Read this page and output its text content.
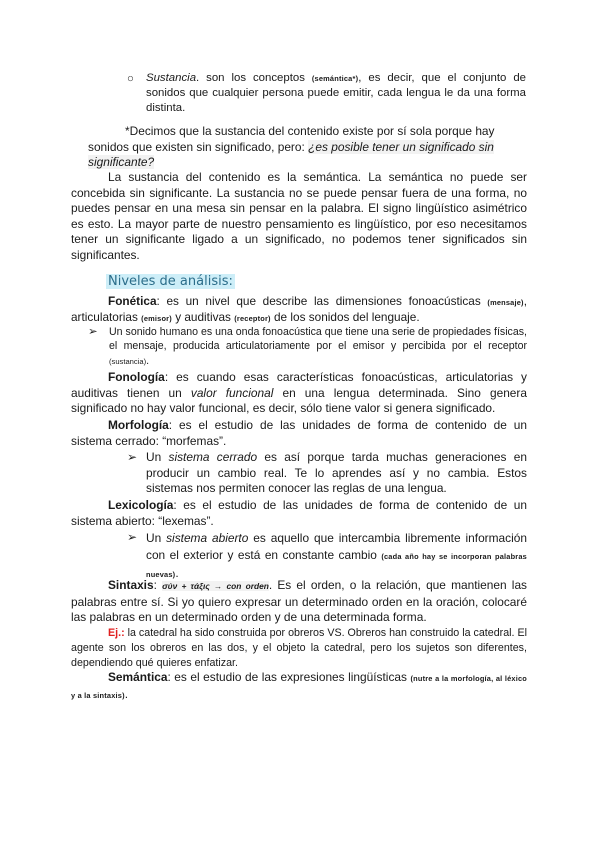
○ Sustancia. son los conceptos (semántica*), es decir, que el conjunto de sonidos que cualquier persona puede emitir, cada lengua le da una forma distinta.

*Decimos que la sustancia del contenido existe por sí sola porque hay sonidos que existen sin significado, pero: ¿es posible tener un significado sin significante?

La sustancia del contenido es la semántica. La semántica no puede ser concebida sin significante. La sustancia no se puede pensar fuera de una forma, no puedes pensar en una mesa sin pensar en la palabra. El signo lingüístico asimétrico es esto. La mayor parte de nuestro pensamiento es lingüístico, por eso necesitamos tener un significante ligado a un significado, no podemos tener significados sin significantes.

Niveles de análisis:

Fonética: es un nivel que describe las dimensiones fonoacústicas (mensaje), articulatorias (emisor) y auditivas (receptor) de los sonidos del lenguaje.

➢ Un sonido humano es una onda fonoacústica que tiene una serie de propiedades físicas, el mensaje, producida articulatoriamente por el emisor y percibida por el receptor (sustancia).

Fonología: es cuando esas características fonoacústicas, articulatorias y auditivas tienen un valor funcional en una lengua determinada. Sino genera significado no hay valor funcional, es decir, sólo tiene valor si genera significado.

Morfología: es el estudio de las unidades de forma de contenido de un sistema cerrado: “morfemas”.

➢ Un sistema cerrado es así porque tarda muchas generaciones en producir un cambio real. Te lo aprendes así y no cambia. Estos sistemas nos permiten conocer las reglas de una lengua.

Lexicología: es el estudio de las unidades de forma de contenido de un sistema abierto: “lexemas”.

➢ Un sistema abierto es aquello que intercambia libremente información con el exterior y está en constante cambio (cada año hay se incorporan palabras nuevas).

Sintaxis: σύν + τάξις → con orden. Es el orden, o la relación, que mantienen las palabras entre sí. Si yo quiero expresar un determinado orden en la oración, colocaré las palabras en un determinado orden y de una determinada forma.

Ej.: la catedral ha sido construida por obreros VS. Obreros han construido la catedral. El agente son los obreros en las dos, y el objeto la catedral, pero los sujetos son diferentes, dependiendo qué quieres enfatizar.

Semántica: es el estudio de las expresiones lingüísticas (nutre a la morfología, al léxico y a la sintaxis).
